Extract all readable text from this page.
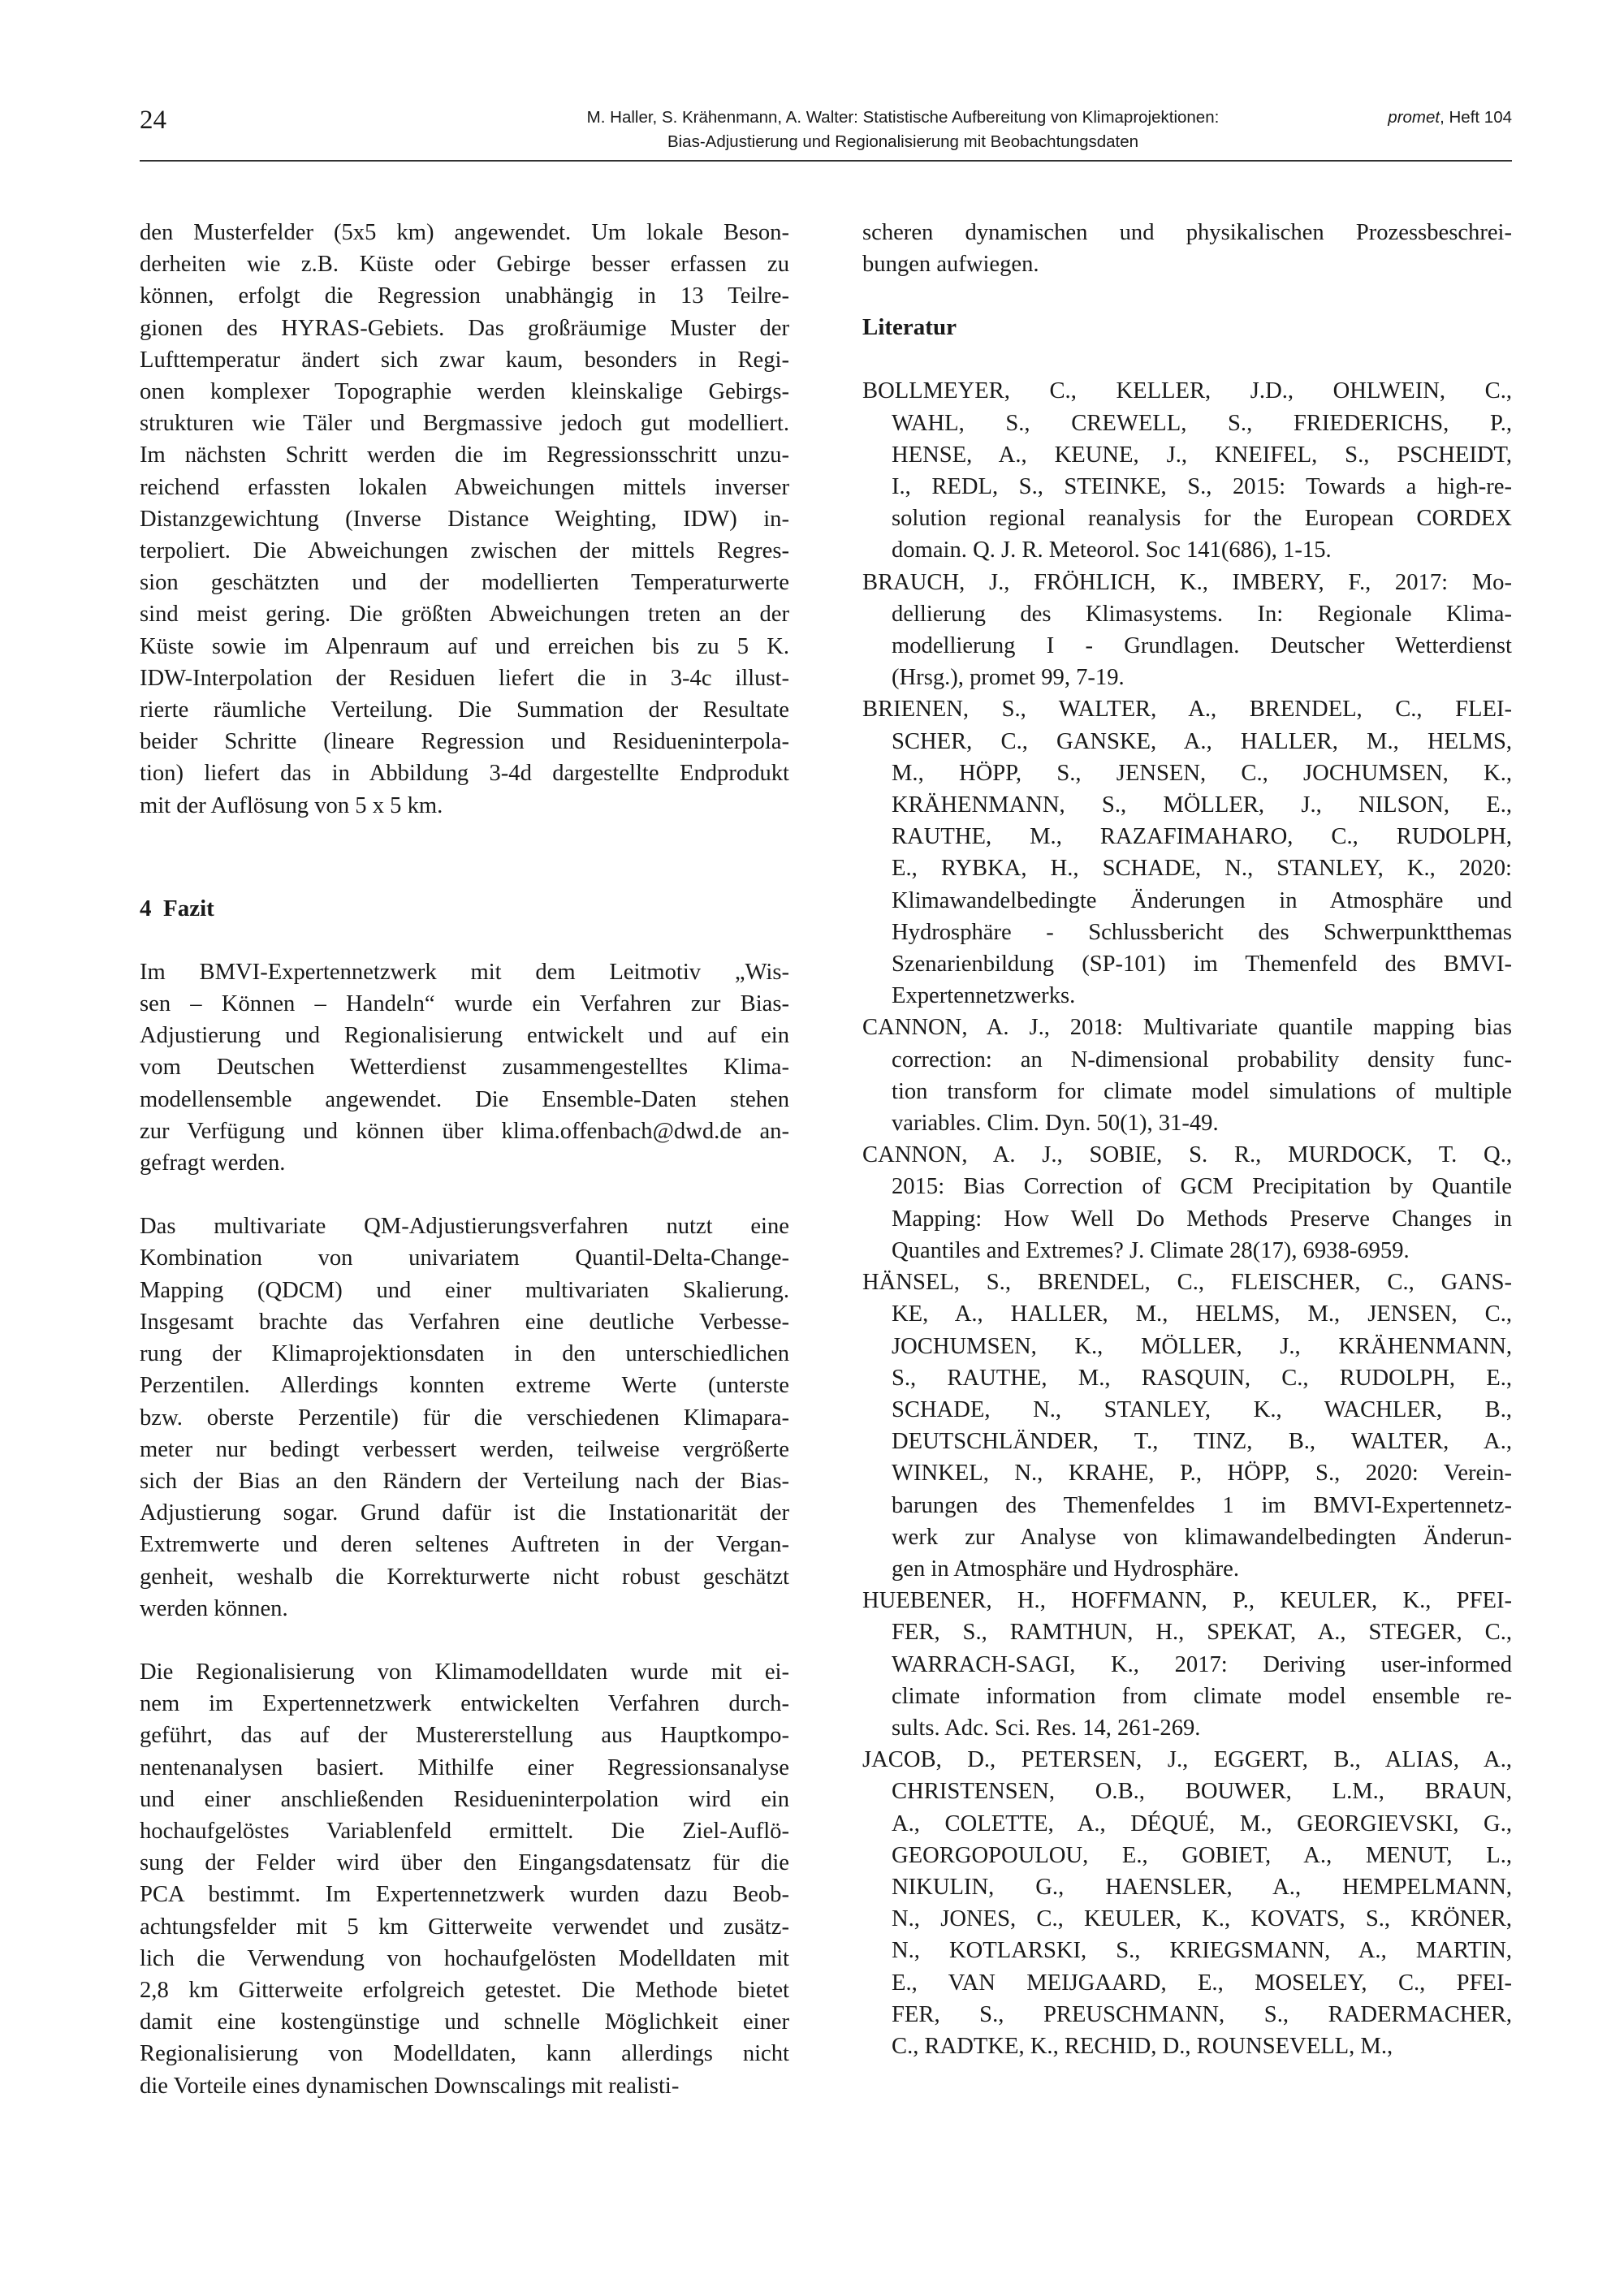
24	M. Haller, S. Krähenmann, A. Walter: Statistische Aufbereitung von Klimaprojektionen:
Bias-Adjustierung und Regionalisierung mit Beobachtungsdaten
promet, Heft 104
den Musterfelder (5x5 km) angewendet. Um lokale Beson-
derheiten wie z.B. Küste oder Gebirge besser erfassen zu
können, erfolgt die Regression unabhängig in 13 Teilre-
gionen des HYRAS-Gebiets. Das großräumige Muster der
Lufttemperatur ändert sich zwar kaum, besonders in Regi-
onen komplexer Topographie werden kleinskalige Gebirgs-
strukturen wie Täler und Bergmassive jedoch gut modelliert.
Im nächsten Schritt werden die im Regressionsschritt unzu-
reichend erfassten lokalen Abweichungen mittels inverser
Distanzgewichtung (Inverse Distance Weighting, IDW) in-
terpoliert. Die Abweichungen zwischen der mittels Regres-
sion geschätzten und der modellierten Temperaturwerte
sind meist gering. Die größten Abweichungen treten an der
Küste sowie im Alpenraum auf und erreichen bis zu 5 K.
IDW-Interpolation der Residuen liefert die in 3-4c illust-
rierte räumliche Verteilung. Die Summation der Resultate
beider Schritte (lineare Regression und Residueninterpola-
tion) liefert das in Abbildung 3-4d dargestellte Endprodukt
mit der Auflösung von 5 x 5 km.
4 Fazit
Im BMVI-Expertennetzwerk mit dem Leitmotiv „Wis-
sen – Können – Handeln“ wurde ein Verfahren zur Bias-
Adjustierung und Regionalisierung entwickelt und auf ein
vom Deutschen Wetterdienst zusammengestelltes Klima-
modellensemble angewendet. Die Ensemble-Daten stehen
zur Verfügung und können über klima.offenbach@dwd.de an-
gefragt werden.
Das multivariate QM-Adjustierungsverfahren nutzt eine
Kombination von univariatem Quantil-Delta-Change-
Mapping (QDCM) und einer multivariaten Skalierung.
Insgesamt brachte das Verfahren eine deutliche Verbesse-
rung der Klimaprojektionsdaten in den unterschiedlichen
Perzentilen. Allerdings konnten extreme Werte (unterste
bzw. oberste Perzentile) für die verschiedenen Klimapara-
meter nur bedingt verbessert werden, teilweise vergrößerte
sich der Bias an den Rändern der Verteilung nach der Bias-
Adjustierung sogar. Grund dafür ist die Instationarität der
Extremwerte und deren seltenes Auftreten in der Vergan-
genheit, weshalb die Korrekturwerte nicht robust geschätzt
werden können.
Die Regionalisierung von Klimamodelldaten wurde mit ei-
nem im Expertennetzwerk entwickelten Verfahren durch-
geführt, das auf der Mustererstellung aus Hauptkompo-
nentenanalysen basiert. Mithilfe einer Regressionsanalyse
und einer anschließenden Residueninterpolation wird ein
hochaufgelöstes Variablenfeld ermittelt. Die Ziel-Auflö-
sung der Felder wird über den Eingangsdatensatz für die
PCA bestimmt. Im Expertennetzwerk wurden dazu Beob-
achtungsfelder mit 5 km Gitterweite verwendet und zusätz-
lich die Verwendung von hochaufgelösten Modelldaten mit
2,8 km Gitterweite erfolgreich getestet. Die Methode bietet
damit eine kostengünstige und schnelle Möglichkeit einer
Regionalisierung von Modelldaten, kann allerdings nicht
die Vorteile eines dynamischen Downscalings mit realisti-
scheren dynamischen und physikalischen Prozessbeschrei-
bungen aufwiegen.
Literatur
BOLLMEYER, C., KELLER, J.D., OHLWEIN, C.,
WAHL, S., CREWELL, S., FRIEDERICHS, P.,
HENSE, A., KEUNE, J., KNEIFEL, S., PSCHEIDT,
I., REDL, S., STEINKE, S., 2015: Towards a high-re-
solution regional reanalysis for the European CORDEX
domain. Q. J. R. Meteorol. Soc 141(686), 1-15.
BRAUCH, J., FRÖHLICH, K., IMBERY, F., 2017: Mo-
dellierung des Klimasystems. In: Regionale Klima-
modellierung I - Grundlagen. Deutscher Wetterdienst
(Hrsg.), promet 99, 7-19.
BRIENEN, S., WALTER, A., BRENDEL, C., FLEI-
SCHER, C., GANSKE, A., HALLER, M., HELMS,
M., HÖPP, S., JENSEN, C., JOCHUMSEN, K.,
KRÄHENMANN, S., MÖLLER, J., NILSON, E.,
RAUTHE, M., RAZAFIMAHARO, C., RUDOLPH,
E., RYBKA, H., SCHADE, N., STANLEY, K., 2020:
Klimawandelbedingte Änderungen in Atmosphäre und
Hydrosphäre - Schlussbericht des Schwerpunktthemas
Szenarienbildung (SP-101) im Themenfeld des BMVI-
Expertennetzwerks.
CANNON, A. J., 2018: Multivariate quantile mapping bias
correction: an N-dimensional probability density func-
tion transform for climate model simulations of multiple
variables. Clim. Dyn. 50(1), 31-49.
CANNON, A. J., SOBIE, S. R., MURDOCK, T. Q.,
2015: Bias Correction of GCM Precipitation by Quantile
Mapping: How Well Do Methods Preserve Changes in
Quantiles and Extremes? J. Climate 28(17), 6938-6959.
HÄNSEL, S., BRENDEL, C., FLEISCHER, C., GANS-
KE, A., HALLER, M., HELMS, M., JENSEN, C.,
JOCHUMSEN, K., MÖLLER, J., KRÄHENMANN,
S., RAUTHE, M., RASQUIN, C., RUDOLPH, E.,
SCHADE, N., STANLEY, K., WACHLER, B.,
DEUTSCHLÄNDER, T., TINZ, B., WALTER, A.,
WINKEL, N., KRAHE, P., HÖPP, S., 2020: Verein-
barungen des Themenfeldes 1 im BMVI-Expertennetz-
werk zur Analyse von klimawandelbedingten Änderun-
gen in Atmosphäre und Hydrosphäre.
HUEBENER, H., HOFFMANN, P., KEULER, K., PFEI-
FER, S., RAMTHUN, H., SPEKAT, A., STEGER, C.,
WARRACH-SAGI, K., 2017: Deriving user-informed
climate information from climate model ensemble re-
sults. Adc. Sci. Res. 14, 261-269.
JACOB, D., PETERSEN, J., EGGERT, B., ALIAS, A.,
CHRISTENSEN, O.B., BOUWER, L.M., BRAUN,
A., COLETTE, A., DÉQUÉ, M., GEORGIEVSKI, G.,
GEORGOPOULOU, E., GOBIET, A., MENUT, L.,
NIKULIN, G., HAENSLER, A., HEMPELMANN,
N., JONES, C., KEULER, K., KOVATS, S., KRÖNER,
N., KOTLARSKI, S., KRIEGSMANN, A., MARTIN,
E., VAN MEIJGAARD, E., MOSELEY, C., PFEI-
FER, S., PREUSCHMANN, S., RADERMACHER,
C., RADTKE, K., RECHID, D., ROUNSEVELL, M.,
